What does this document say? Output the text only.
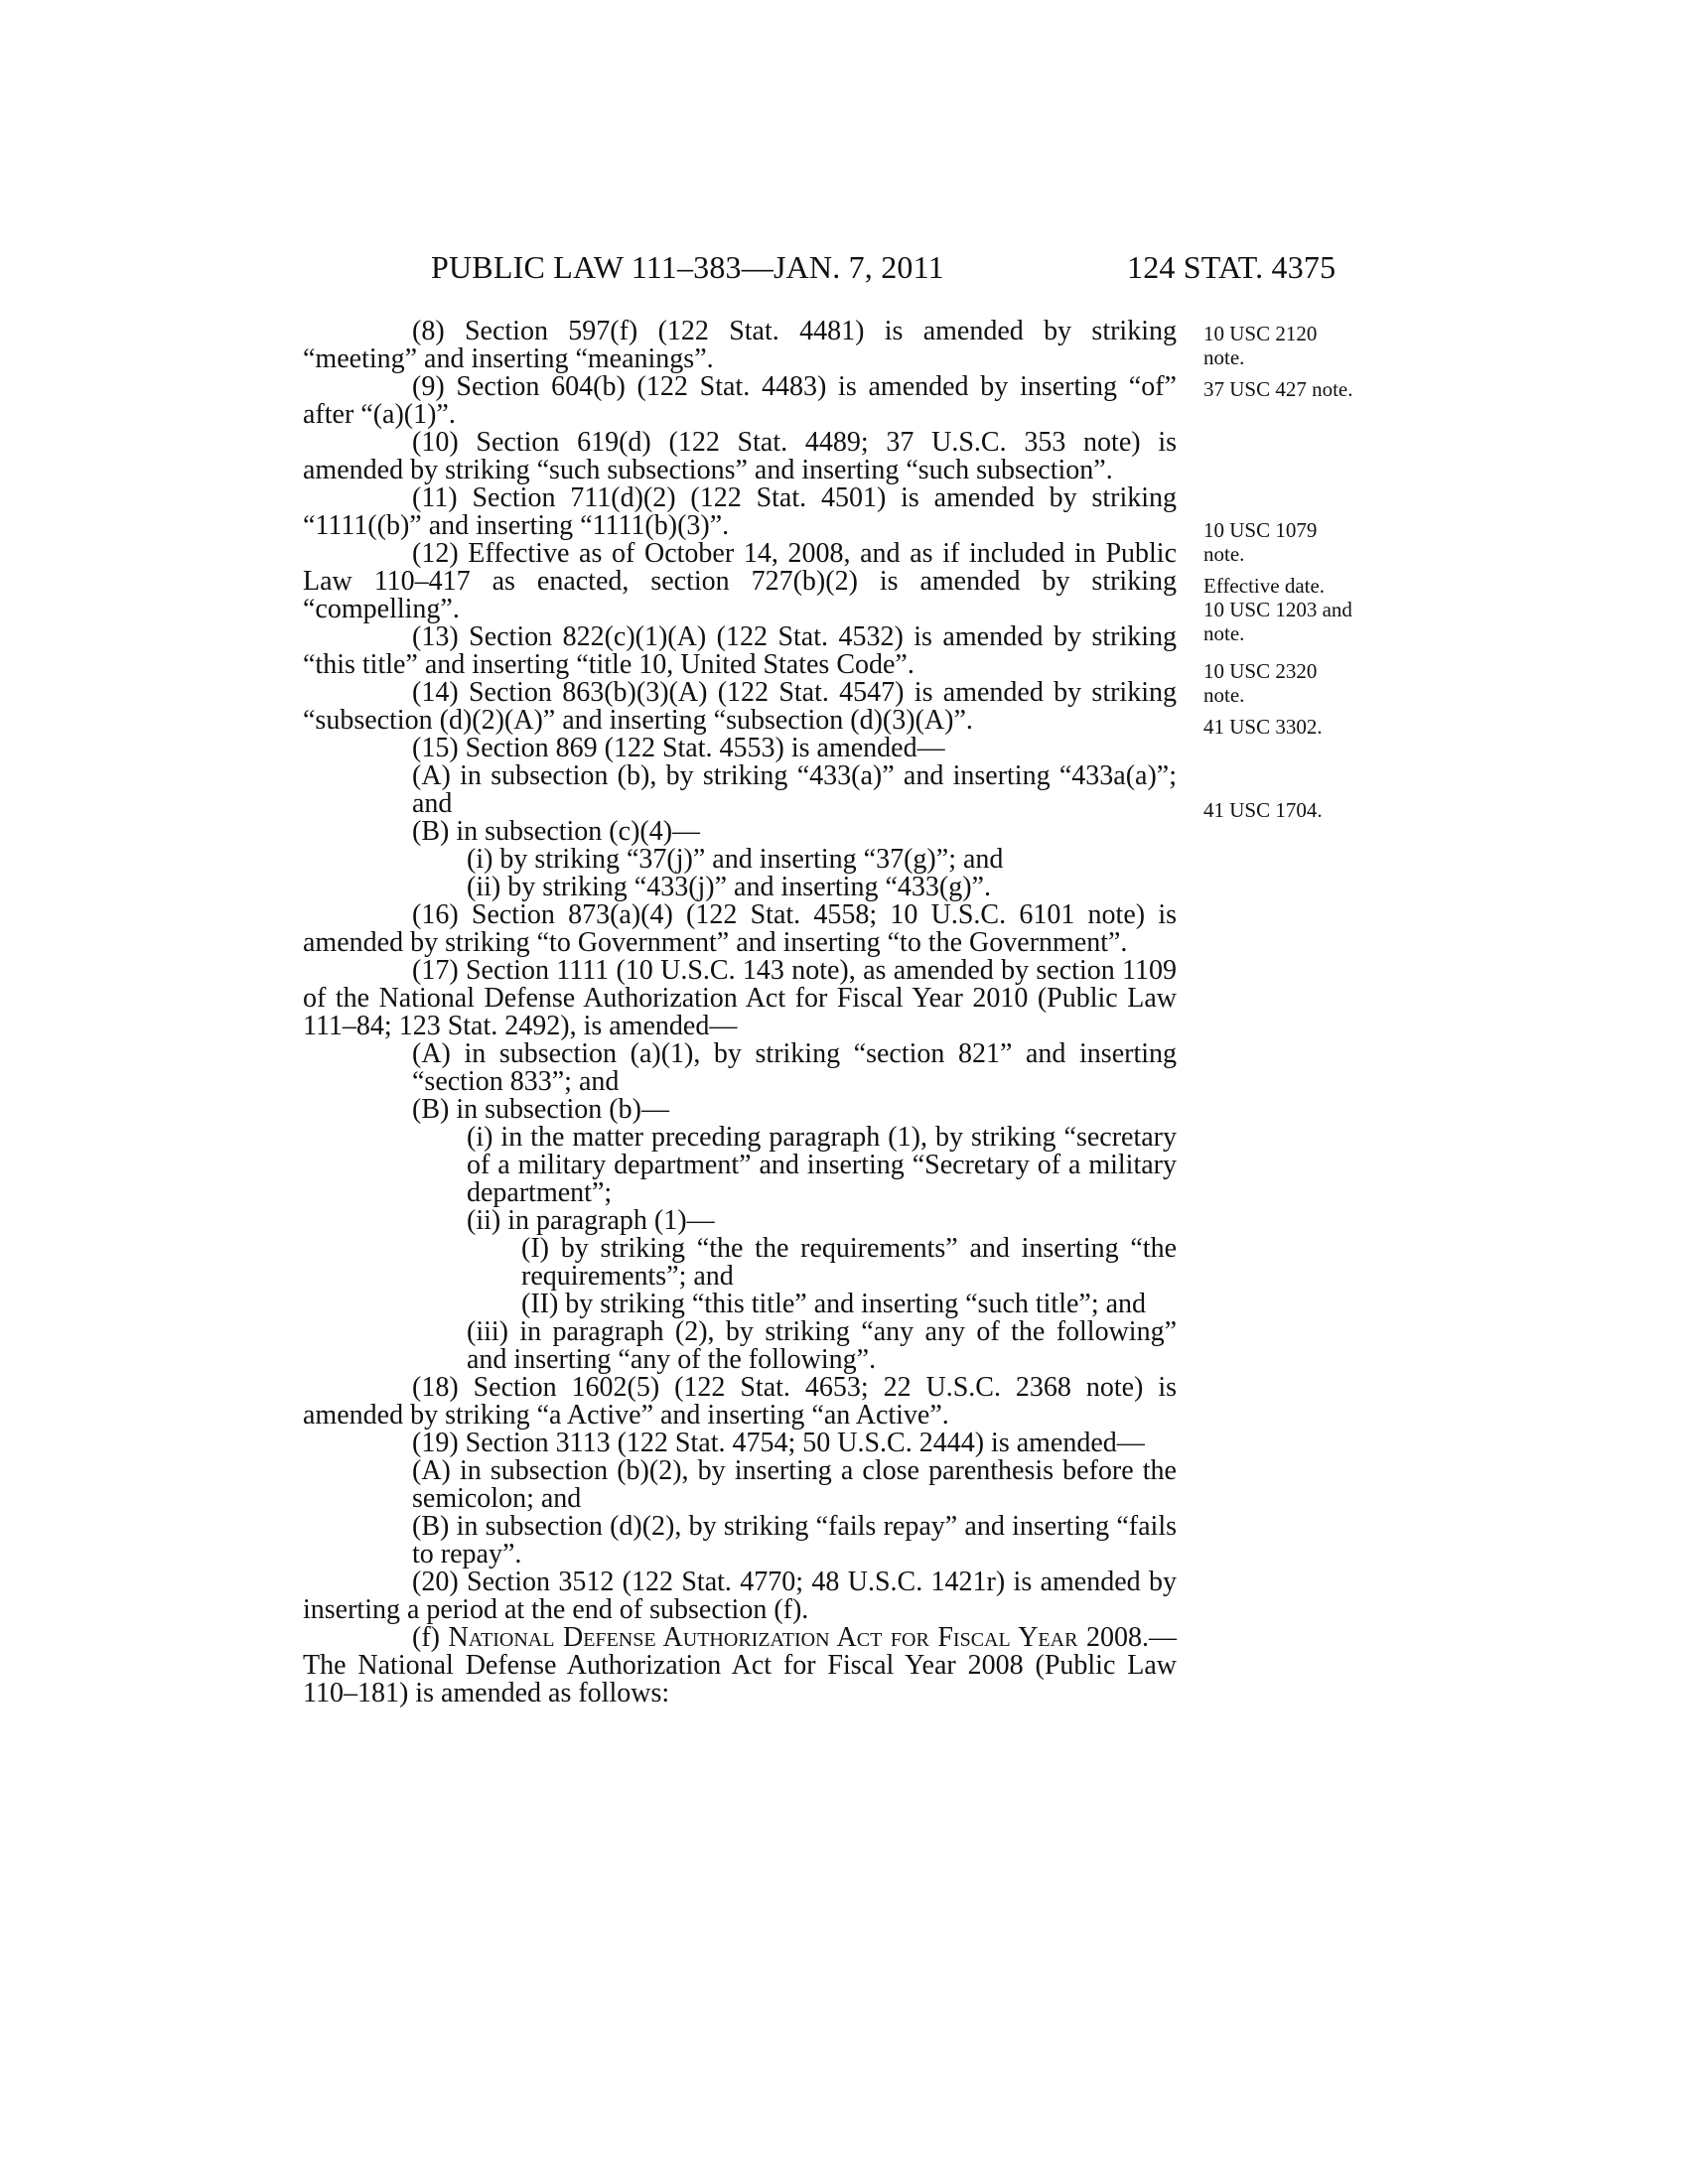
PUBLIC LAW 111–383—JAN. 7, 2011	124 STAT. 4375

(8) Section 597(f) (122 Stat. 4481) is amended by striking “meeting” and inserting “meanings”.

(9) Section 604(b) (122 Stat. 4483) is amended by inserting “of” after “(a)(1)”.

(10) Section 619(d) (122 Stat. 4489; 37 U.S.C. 353 note) is amended by striking “such subsections” and inserting “such subsection”.

(11) Section 711(d)(2) (122 Stat. 4501) is amended by striking “1111((b)” and inserting “1111(b)(3)”.

(12) Effective as of October 14, 2008, and as if included in Public Law 110–417 as enacted, section 727(b)(2) is amended by striking “compelling”.

(13) Section 822(c)(1)(A) (122 Stat. 4532) is amended by striking “this title” and inserting “title 10, United States Code”.

(14) Section 863(b)(3)(A) (122 Stat. 4547) is amended by striking “subsection (d)(2)(A)” and inserting “subsection (d)(3)(A)”.

(15) Section 869 (122 Stat. 4553) is amended—

(A) in subsection (b), by striking “433(a)” and inserting “433a(a)”; and

(B) in subsection (c)(4)—

(i) by striking “37(j)” and inserting “37(g)”; and

(ii) by striking “433(j)” and inserting “433(g)”.

(16) Section 873(a)(4) (122 Stat. 4558; 10 U.S.C. 6101 note) is amended by striking “to Government” and inserting “to the Government”.

(17) Section 1111 (10 U.S.C. 143 note), as amended by section 1109 of the National Defense Authorization Act for Fiscal Year 2010 (Public Law 111–84; 123 Stat. 2492), is amended—

(A) in subsection (a)(1), by striking “section 821” and inserting “section 833”; and

(B) in subsection (b)—

(i) in the matter preceding paragraph (1), by striking “secretary of a military department” and inserting “Secretary of a military department”;

(ii) in paragraph (1)—

(I) by striking “the the requirements” and inserting “the requirements”; and

(II) by striking “this title” and inserting “such title”; and

(iii) in paragraph (2), by striking “any any of the following” and inserting “any of the following”.

(18) Section 1602(5) (122 Stat. 4653; 22 U.S.C. 2368 note) is amended by striking “a Active” and inserting “an Active”.

(19) Section 3113 (122 Stat. 4754; 50 U.S.C. 2444) is amended—

(A) in subsection (b)(2), by inserting a close parenthesis before the semicolon; and

(B) in subsection (d)(2), by striking “fails repay” and inserting “fails to repay”.

(20) Section 3512 (122 Stat. 4770; 48 U.S.C. 1421r) is amended by inserting a period at the end of subsection (f).

(f) National Defense Authorization Act for Fiscal Year 2008.—The National Defense Authorization Act for Fiscal Year 2008 (Public Law 110–181) is amended as follows:

10 USC 2120
note.
37 USC 427 note.
10 USC 1079
note.
Effective date.
10 USC 1203 and
note.
10 USC 2320
note.
41 USC 3302.
41 USC 1704.
